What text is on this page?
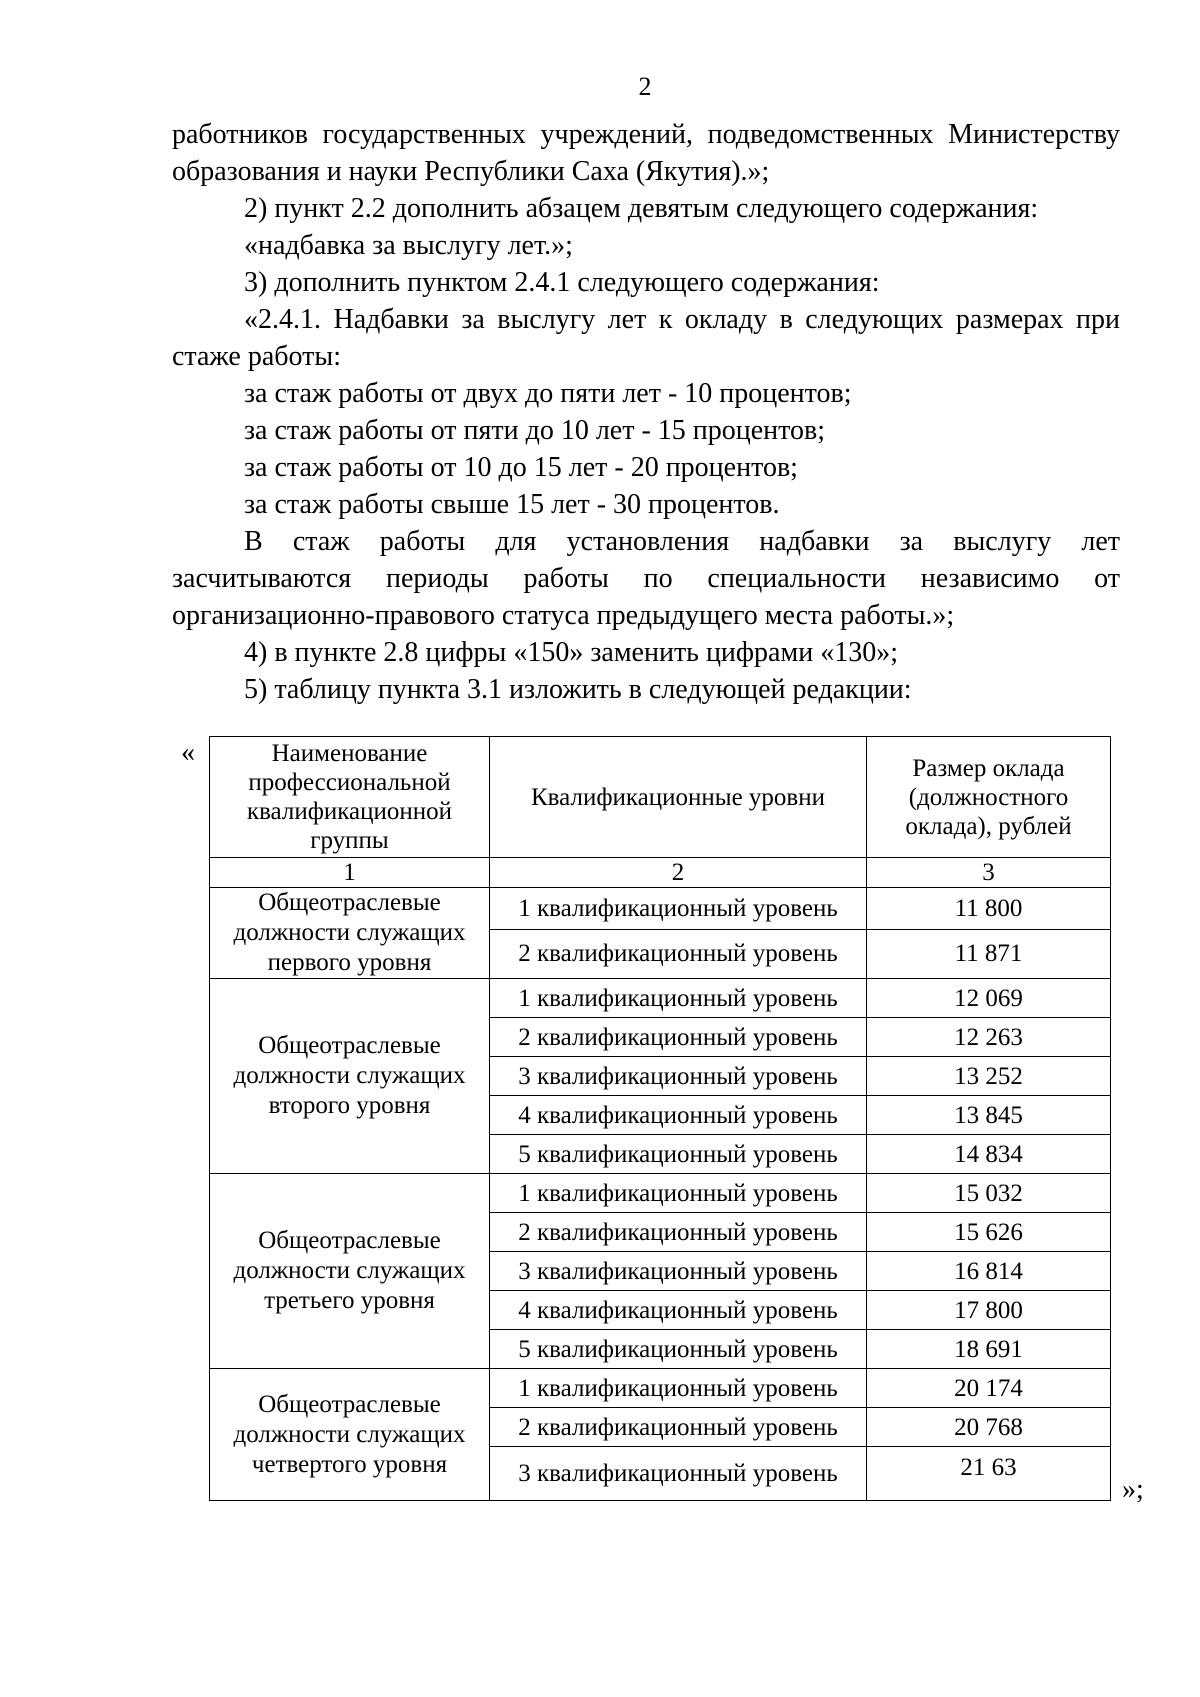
2

работников государственных учреждений, подведомственных Министерству

образования и науки Республики Саха (Якутия).»;

2) пункт 2.2 дополнить абзацем девятым следующего содержания:

«надбавка за выслугу лет.»;

3) дополнить пунктом 2.4.1 следующего содержания:

«2.4.1. Надбавки за выслугу лет к окладу в следующих размерах при стаже работы:

за стаж работы от двух до пяти лет - 10 процентов;

за стаж работы от пяти до 10 лет - 15 процентов;

за стаж работы от 10 до 15 лет - 20 процентов;

за стаж работы свыше 15 лет - 30 процентов.

В стаж работы для установления надбавки за выслугу лет засчитываются периоды работы по специальности независимо от организационно-правового статуса предыдущего места работы.»;

4) в пункте 2.8 цифры «150» заменить цифрами «130»;

5) таблицу пункта 3.1 изложить в следующей редакции:

«	Наименование профессиональной квалификационной группы	Квалификационные уровни	Размер оклада (должностного оклада), рублей
1	2	3
Общеотраслевые должности служащих первого уровня	1 квалификационный уровень	11 800
	2 квалификационный уровень	11 871
Общеотраслевые должности служащих второго уровня	1 квалификационный уровень	12 069
	2 квалификационный уровень	12 263
	3 квалификационный уровень	13 252
	4 квалификационный уровень	13 845
	5 квалификационный уровень	14 834
Общеотраслевые должности служащих третьего уровня	1 квалификационный уровень	15 032
	2 квалификационный уровень	15 626
	3 квалификационный уровень	16 814
	4 квалификационный уровень	17 800
	5 квалификационный уровень	18 691
Общеотраслевые должности служащих четвертого уровня	1 квалификационный уровень	20 174
	2 квалификационный уровень	20 768
	3 квалификационный уровень	21 63
»;
